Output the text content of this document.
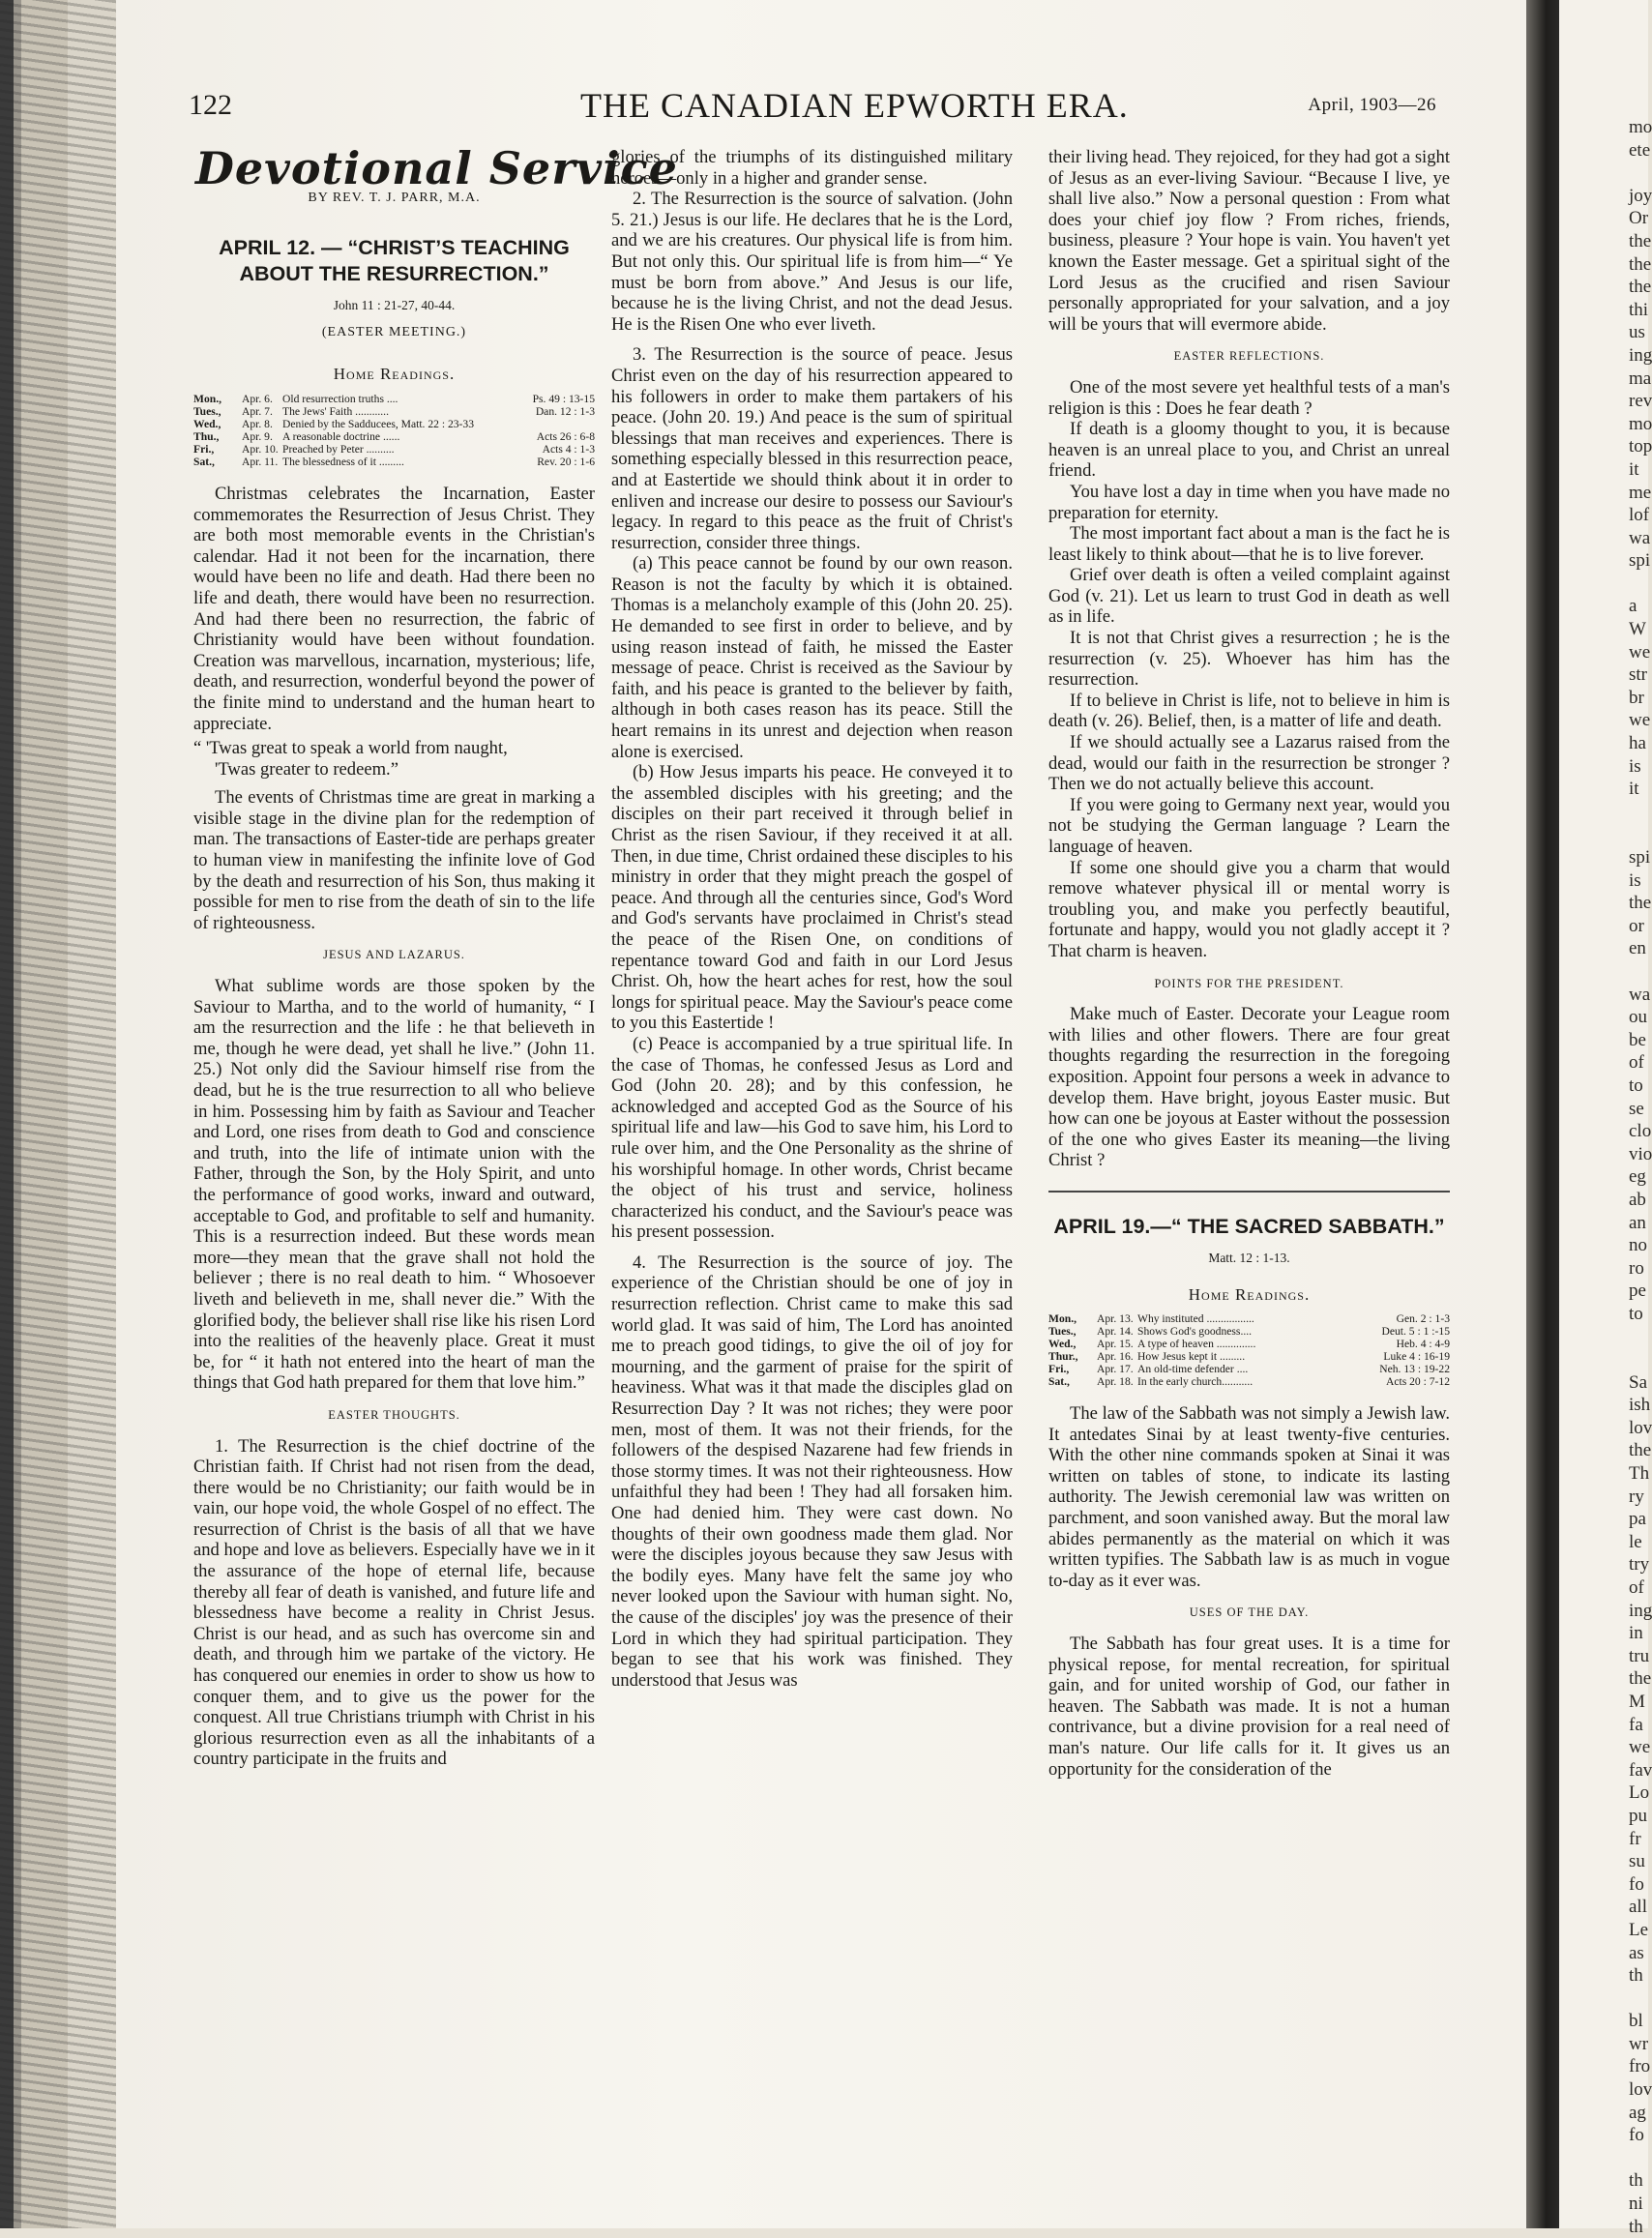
mo
ete

joy
Or
the
the
the
thi
us
ing
ma
rev
mo
top
it
me
lof
wa
spi

a
W
we
str
br
we
ha
is
it

spi
is
the
or
en

wa
ou
be
of
to
se
clo
vio
eg
ab
an
no
ro
pe
to

Sa
ish
lov
the
Th
ry
pa
le
try
of
ing
in
tru
the
M
fa
we
fav
Lo
pu
fr
su
fo
all
Le
as
th

bl
wr
fro
lov
ag
fo

th
ni
th
122	THE CANADIAN EPWORTH ERA.	April, 1903—26
Devotional Service
BY REV. T. J. PARR, M.A.
APRIL 12. — “CHRIST’S TEACHING ABOUT THE RESURRECTION.”
John 11 : 21-27, 40-44.
(EASTER MEETING.)
Home Readings.
Mon.,	Apr. 6.	Old resurrection truths ....	Ps. 49 : 13-15
Tues.,	Apr. 7.	The Jews' Faith ............	Dan. 12 : 1-3
Wed.,	Apr. 8.	Denied by the Sadducees, Matt. 22 : 23-33	
Thu.,	Apr. 9.	A reasonable doctrine ......	Acts 26 : 6-8
Fri.,	Apr. 10.	Preached by Peter ..........	Acts 4 : 1-3
Sat.,	Apr. 11.	The blessedness of it .........	Rev. 20 : 1-6

Christmas celebrates the Incarnation, Easter commemorates the Resurrection of Jesus Christ. They are both most memorable events in the Christian's calendar. Had it not been for the incarnation, there would have been no life and death. Had there been no life and death, there would have been no resurrection. And had there been no resurrection, the fabric of Christianity would have been without foundation. Creation was marvellous, incarnation, mysterious; life, death, and resurrection, wonderful beyond the power of the finite mind to understand and the human heart to appreciate.

“ 'Twas great to speak a world from naught,
'Twas greater to redeem.”

The events of Christmas time are great in marking a visible stage in the divine plan for the redemption of man. The transactions of Easter-tide are perhaps greater to human view in manifesting the infinite love of God by the death and resurrection of his Son, thus making it possible for men to rise from the death of sin to the life of righteousness.

JESUS AND LAZARUS.

What sublime words are those spoken by the Saviour to Martha, and to the world of humanity, “ I am the resurrection and the life : he that believeth in me, though he were dead, yet shall he live.” (John 11. 25.) Not only did the Saviour himself rise from the dead, but he is the true resurrection to all who believe in him. Possessing him by faith as Saviour and Teacher and Lord, one rises from death to God and conscience and truth, into the life of intimate union with the Father, through the Son, by the Holy Spirit, and unto the performance of good works, inward and outward, acceptable to God, and profitable to self and humanity. This is a resurrection indeed. But these words mean more—they mean that the grave shall not hold the believer ; there is no real death to him. “ Whosoever liveth and believeth in me, shall never die.” With the glorified body, the believer shall rise like his risen Lord into the realities of the heavenly place. Great it must be, for “ it hath not entered into the heart of man the things that God hath prepared for them that love him.”

EASTER THOUGHTS.

1. The Resurrection is the chief doctrine of the Christian faith. If Christ had not risen from the dead, there would be no Christianity; our faith would be in vain, our hope void, the whole Gospel of no effect. The resurrection of Christ is the basis of all that we have and hope and love as believers. Especially have we in it the assurance of the hope of eternal life, because thereby all fear of death is vanished, and future life and blessedness have become a reality in Christ Jesus. Christ is our head, and as such has overcome sin and death, and through him we partake of the victory. He has conquered our enemies in order to show us how to conquer them, and to give us the power for the conquest. All true Christians triumph with Christ in his glorious resurrection even as all the inhabitants of a country participate in the fruits and

glories of the triumphs of its distinguished military heroes—only in a higher and grander sense.

2. The Resurrection is the source of salvation. (John 5. 21.) Jesus is our life. He declares that he is the Lord, and we are his creatures. Our physical life is from him. But not only this. Our spiritual life is from him—“ Ye must be born from above.” And Jesus is our life, because he is the living Christ, and not the dead Jesus. He is the Risen One who ever liveth.

3. The Resurrection is the source of peace. Jesus Christ even on the day of his resurrection appeared to his followers in order to make them partakers of his peace. (John 20. 19.) And peace is the sum of spiritual blessings that man receives and experiences. There is something especially blessed in this resurrection peace, and at Eastertide we should think about it in order to enliven and increase our desire to possess our Saviour's legacy. In regard to this peace as the fruit of Christ's resurrection, consider three things.

(a) This peace cannot be found by our own reason. Reason is not the faculty by which it is obtained. Thomas is a melancholy example of this (John 20. 25). He demanded to see first in order to believe, and by using reason instead of faith, he missed the Easter message of peace. Christ is received as the Saviour by faith, and his peace is granted to the believer by faith, although in both cases reason has its peace. Still the heart remains in its unrest and dejection when reason alone is exercised.

(b) How Jesus imparts his peace. He conveyed it to the assembled disciples with his greeting; and the disciples on their part received it through belief in Christ as the risen Saviour, if they received it at all. Then, in due time, Christ ordained these disciples to his ministry in order that they might preach the gospel of peace. And through all the centuries since, God's Word and God's servants have proclaimed in Christ's stead the peace of the Risen One, on conditions of repentance toward God and faith in our Lord Jesus Christ. Oh, how the heart aches for rest, how the soul longs for spiritual peace. May the Saviour's peace come to you this Eastertide !

(c) Peace is accompanied by a true spiritual life. In the case of Thomas, he confessed Jesus as Lord and God (John 20. 28); and by this confession, he acknowledged and accepted God as the Source of his spiritual life and law—his God to save him, his Lord to rule over him, and the One Personality as the shrine of his worshipful homage. In other words, Christ became the object of his trust and service, holiness characterized his conduct, and the Saviour's peace was his present possession.

4. The Resurrection is the source of joy. The experience of the Christian should be one of joy in resurrection reflection. Christ came to make this sad world glad. It was said of him, The Lord has anointed me to preach good tidings, to give the oil of joy for mourning, and the garment of praise for the spirit of heaviness. What was it that made the disciples glad on Resurrection Day ? It was not riches; they were poor men, most of them. It was not their friends, for the followers of the despised Nazarene had few friends in those stormy times. It was not their righteousness. How unfaithful they had been ! They had all forsaken him. One had denied him. They were cast down. No thoughts of their own goodness made them glad. Nor were the disciples joyous because they saw Jesus with the bodily eyes. Many have felt the same joy who never looked upon the Saviour with human sight. No, the cause of the disciples' joy was the presence of their Lord in which they had spiritual participation. They began to see that his work was finished. They understood that Jesus was

their living head. They rejoiced, for they had got a sight of Jesus as an ever-living Saviour. “Because I live, ye shall live also.” Now a personal question : From what does your chief joy flow ? From riches, friends, business, pleasure ? Your hope is vain. You haven't yet known the Easter message. Get a spiritual sight of the Lord Jesus as the crucified and risen Saviour personally appropriated for your salvation, and a joy will be yours that will evermore abide.

EASTER REFLECTIONS.

One of the most severe yet healthful tests of a man's religion is this : Does he fear death ?

If death is a gloomy thought to you, it is because heaven is an unreal place to you, and Christ an unreal friend.

You have lost a day in time when you have made no preparation for eternity.

The most important fact about a man is the fact he is least likely to think about—that he is to live forever.

Grief over death is often a veiled complaint against God (v. 21). Let us learn to trust God in death as well as in life.

It is not that Christ gives a resurrection ; he is the resurrection (v. 25). Whoever has him has the resurrection.

If to believe in Christ is life, not to believe in him is death (v. 26). Belief, then, is a matter of life and death.

If we should actually see a Lazarus raised from the dead, would our faith in the resurrection be stronger ? Then we do not actually believe this account.

If you were going to Germany next year, would you not be studying the German language ? Learn the language of heaven.

If some one should give you a charm that would remove whatever physical ill or mental worry is troubling you, and make you perfectly beautiful, fortunate and happy, would you not gladly accept it ? That charm is heaven.

POINTS FOR THE PRESIDENT.

Make much of Easter. Decorate your League room with lilies and other flowers. There are four great thoughts regarding the resurrection in the foregoing exposition. Appoint four persons a week in advance to develop them. Have bright, joyous Easter music. But how can one be joyous at Easter without the possession of the one who gives Easter its meaning—the living Christ ?

APRIL 19.—“ THE SACRED SABBATH.”
Matt. 12 : 1-13.
Home Readings.
Mon.,	Apr. 13.	Why instituted .................	Gen. 2 : 1-3
Tues.,	Apr. 14.	Shows God's goodness....	Deut. 5 : 1 :-15
Wed.,	Apr. 15.	A type of heaven ..............	Heb. 4 : 4-9
Thur.,	Apr. 16.	How Jesus kept it .........	Luke 4 : 16-19
Fri.,	Apr. 17.	An old-time defender ....	Neh. 13 : 19-22
Sat.,	Apr. 18.	In the early church...........	Acts 20 : 7-12

The law of the Sabbath was not simply a Jewish law. It antedates Sinai by at least twenty-five centuries. With the other nine commands spoken at Sinai it was written on tables of stone, to indicate its lasting authority. The Jewish ceremonial law was written on parchment, and soon vanished away. But the moral law abides permanently as the material on which it was written typifies. The Sabbath law is as much in vogue to-day as it ever was.

USES OF THE DAY.

The Sabbath has four great uses. It is a time for physical repose, for mental recreation, for spiritual gain, and for united worship of God, our father in heaven. The Sabbath was made. It is not a human contrivance, but a divine provision for a real need of man's nature. Our life calls for it. It gives us an opportunity for the consideration of the
